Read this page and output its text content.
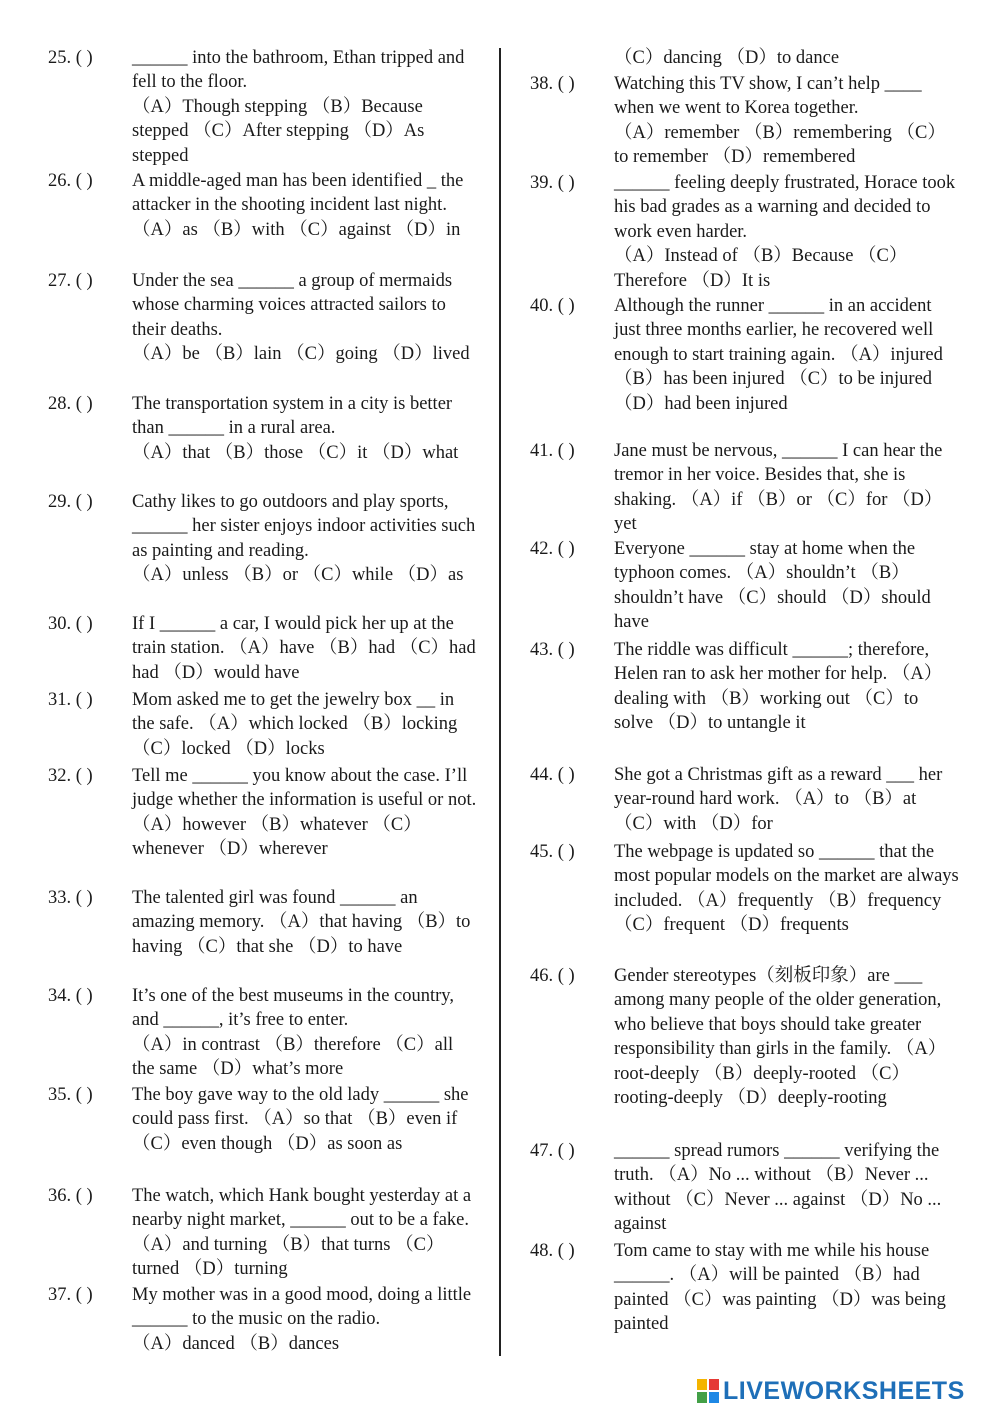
25. ( )	______ into the bathroom, Ethan tripped and fell to the floor.

（A）Though stepping （B）Because stepped （C）After stepping （D）As stepped
26. ( )	A middle-aged man has been identified _ the attacker in the shooting incident last night.

（A）as （B）with （C）against （D）in
27. ( )	Under the sea ______ a group of mermaids whose charming voices attracted sailors to their deaths.

（A）be （B）lain （C）going （D）lived
28. ( )	The transportation system in a city is better than ______ in a rural area.

（A）that （B）those （C）it （D）what
29. ( )	Cathy likes to go outdoors and play sports, ______ her sister enjoys indoor activities such as painting and reading.

（A）unless （B）or （C）while （D）as
30. ( )	If I ______ a car, I would pick her up at the train station. （A）have （B）had （C）had had （D）would have
31. ( )	Mom asked me to get the jewelry box __ in the safe. （A）which locked （B）locking （C）locked （D）locks
32. ( )	Tell me ______ you know about the case. I’ll judge whether the information is useful or not.

（A）however （B）whatever （C）whenever （D）wherever
33. ( )	The talented girl was found ______ an amazing memory. （A）that having （B）to having （C）that she （D）to have
34. ( )	It’s one of the best museums in the country, and ______, it’s free to enter.

（A）in contrast （B）therefore （C）all the same （D）what’s more
35. ( )	The boy gave way to the old lady ______ she could pass first. （A）so that （B）even if （C）even though （D）as soon as
36. ( )	The watch, which Hank bought yesterday at a nearby night market, ______ out to be a fake. （A）and turning （B）that turns （C）turned （D）turning
37. ( )	My mother was in a good mood, doing a little ______ to the music on the radio.

（A）danced （B）dances
（C）dancing （D）to dance
38. ( )	Watching this TV show, I can’t help ____ when we went to Korea together.

（A）remember （B）remembering （C）to remember （D）remembered
39. ( )	______ feeling deeply frustrated, Horace took his bad grades as a warning and decided to work even harder.

（A）Instead of （B）Because （C）Therefore （D）It is
40. ( )	Although the runner ______ in an accident just three months earlier, he recovered well enough to start training again. （A）injured （B）has been injured （C）to be injured （D）had been injured
41. ( )	Jane must be nervous, ______ I can hear the tremor in her voice. Besides that, she is shaking. （A）if （B）or （C）for （D）yet
42. ( )	Everyone ______ stay at home when the typhoon comes. （A）shouldn’t （B）shouldn’t have （C）should （D）should have
43. ( )	The riddle was difficult ______; therefore, Helen ran to ask her mother for help. （A）dealing with （B）working out （C）to solve （D）to untangle it
44. ( )	She got a Christmas gift as a reward ___ her year-round hard work. （A）to （B）at （C）with （D）for
45. ( )	The webpage is updated so ______ that the most popular models on the market are always included. （A）frequently （B）frequency （C）frequent （D）frequents
46. ( )	Gender stereotypes（刻板印象）are ___ among many people of the older generation, who believe that boys should take greater responsibility than girls in the family. （A）root-deeply （B）deeply-rooted （C）rooting-deeply （D）deeply-rooting
47. ( )	______ spread rumors ______ verifying the truth. （A）No ... without （B）Never ... without （C）Never ... against （D）No ... against
48. ( )	Tom came to stay with me while his house ______. （A）will be painted （B）had painted （C）was painting （D）was being painted
LIVEWORKSHEETS
